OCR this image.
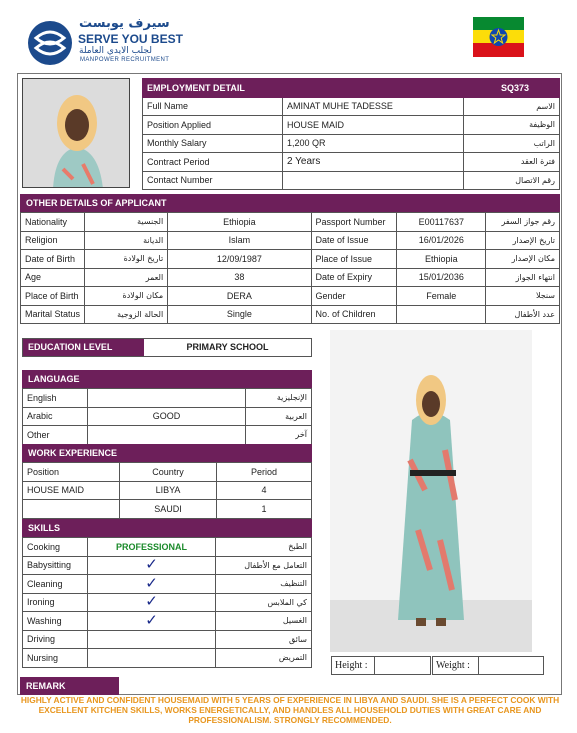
سيرف يوبست
SERVE YOU BEST
لجلب الايدي العاملة
MANPOWER RECRUITMENT
EMPLOYMENT DETAIL		SQ373	
Full Name	AMINAT MUHE TADESSE		الاسم
Position Applied	HOUSE MAID		الوظيفة
Monthly Salary	1,200 QR		الراتب
Contract Period	2 Years		فترة العقد
Contact Number			رقم الاتصال
OTHER DETAILS OF APPLICANT
Nationality	الجنسية	Ethiopia	Passport Number	E00117637	رقم جواز السفر
Religion	الديانة	Islam	Date of Issue	16/01/2026	تاريخ الإصدار
Date of Birth	تاريخ الولادة	12/09/1987	Place of Issue	Ethiopia	مكان الإصدار
Age	العمر	38	Date of Expiry	15/01/2036	انتهاء الجواز
Place of Birth	مكان الولادة	DERA	Gender	Female	سنجلا
Marital Status	الحالة الزوجية	Single	No. of Children		عدد الأطفال
EDUCATION LEVEL	PRIMARY SCHOOL
LANGUAGE
English		الإنجليزية
Arabic	GOOD	العربية
Other		آخر
WORK EXPERIENCE
Position	Country	Period
HOUSE MAID	LIBYA	4
	SAUDI	1
SKILLS
Cooking	PROFESSIONAL	الطبخ
Babysitting	✓	التعامل مع الأطفال
Cleaning	✓	التنظيف
Ironing	✓	كي الملابس
Washing	✓	الغسيل
Driving		سائق
Nursing		التمريض
Height :	Weight :
REMARK
HIGHLY ACTIVE AND CONFIDENT HOUSEMAID WITH 5 YEARS OF EXPERIENCE IN LIBYA AND SAUDI. SHE IS A PERFECT COOK WITH EXCELLENT KITCHEN SKILLS, WORKS ENERGETICALLY, AND HANDLES ALL HOUSEHOLD DUTIES WITH GREAT CARE AND PROFESSIONALISM. STRONGLY RECOMMENDED.
